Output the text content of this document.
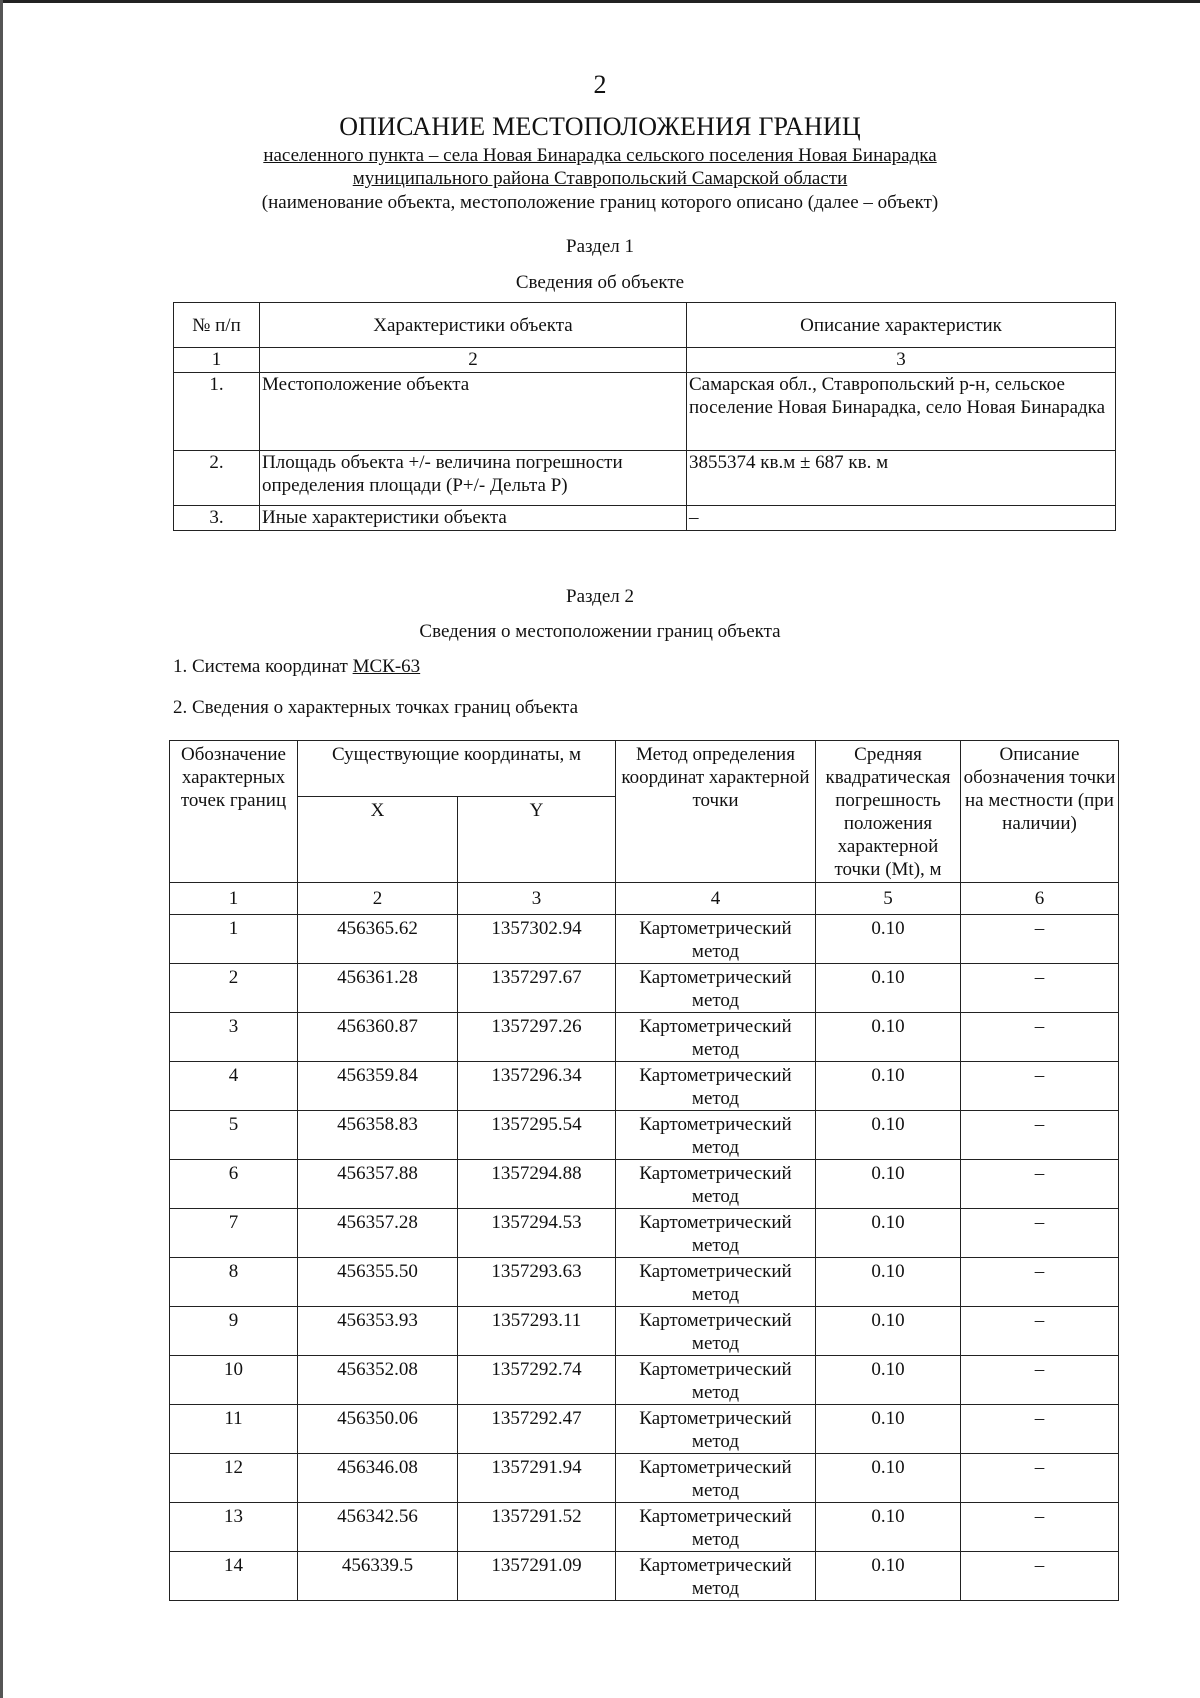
2
ОПИСАНИЕ МЕСТОПОЛОЖЕНИЯ ГРАНИЦ
населенного пункта – села Новая Бинарадка сельского поселения Новая Бинарадка
муниципального района Ставропольский Самарской области
(наименование объекта, местоположение границ которого описано (далее – объект)
Раздел 1
Сведения об объекте
№ п/п	Характеристики объекта	Описание характеристик
1	2	3
1.	Местоположение объекта	Самарская обл., Ставропольский р-н, сельское поселение Новая Бинарадка, село Новая Бинарадка
2.	Площадь объекта +/- величина погрешности определения площади (P+/- Дельта P)	3855374 кв.м ± 687 кв. м
3.	Иные характеристики объекта	–
Раздел 2
Сведения о местоположении границ объекта
1. Система координат МСК-63
2. Сведения о характерных точках границ объекта
Обозначение характерных точек границ	Существующие координаты, м		Метод определения координат характерной точки	Средняя квадратическая погрешность положения характерной точки (Mt), м	Описание обозначения точки на местности (при наличии)
	X	Y			
1	2	3	4	5	6
1	456365.62	1357302.94	Картометрический метод	0.10	–
2	456361.28	1357297.67	Картометрический метод	0.10	–
3	456360.87	1357297.26	Картометрический метод	0.10	–
4	456359.84	1357296.34	Картометрический метод	0.10	–
5	456358.83	1357295.54	Картометрический метод	0.10	–
6	456357.88	1357294.88	Картометрический метод	0.10	–
7	456357.28	1357294.53	Картометрический метод	0.10	–
8	456355.50	1357293.63	Картометрический метод	0.10	–
9	456353.93	1357293.11	Картометрический метод	0.10	–
10	456352.08	1357292.74	Картометрический метод	0.10	–
11	456350.06	1357292.47	Картометрический метод	0.10	–
12	456346.08	1357291.94	Картометрический метод	0.10	–
13	456342.56	1357291.52	Картометрический метод	0.10	–
14	456339.5	1357291.09	Картометрический метод	0.10	–
